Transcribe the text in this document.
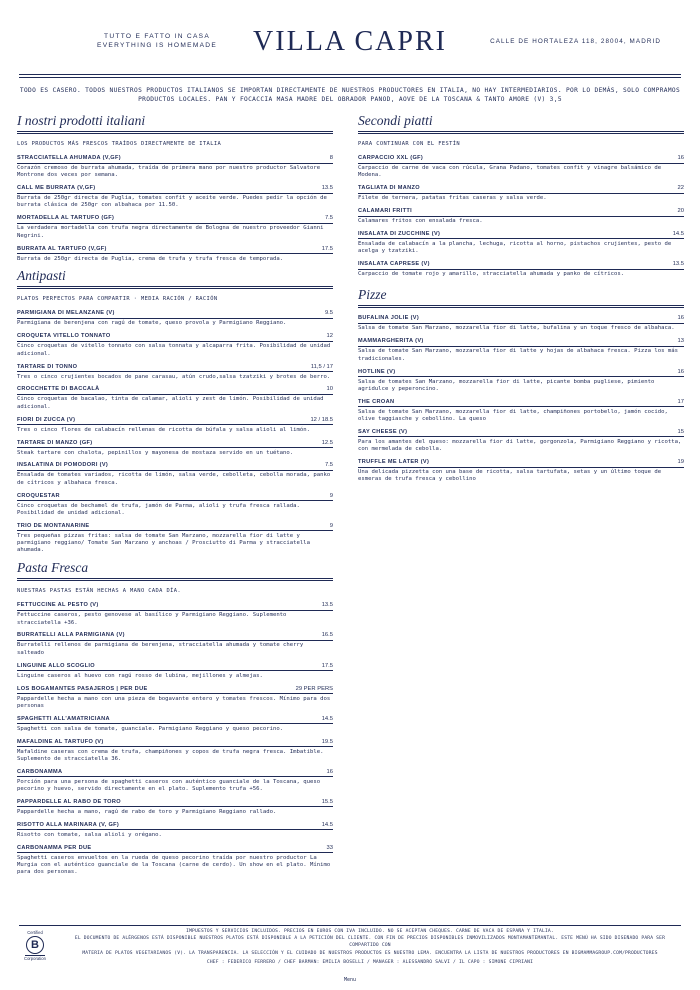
TUTTO E FATTO IN CASA
EVERYTHING IS HOMEMADE	VILLA CAPRI	CALLE DE HORTALEZA 118, 28004, MADRID
TODO ES CASERO. TODOS NUESTROS PRODUCTOS ITALIANOS SE IMPORTAN DIRECTAMENTE DE NUESTROS PRODUCTORES EN ITALIA, NO HAY INTERMEDIARIOS. POR LO DEMÁS, SOLO COMPRAMOS PRODUCTOS LOCALES. PAN Y FOCACCIA MASA MADRE DEL OBRADOR PANOD, AOVE DE LA TOSCANA & TANTO AMORE (V) 3,5
I nostri prodotti italiani
LOS PRODUCTOS MÁS FRESCOS TRAÍDOS DIRECTAMENTE DE ITALIA
STRACCIATELLA AHUMADA (V,GF)	8
Corazón cremoso de burrata ahumada, traída de primera mano por nuestro productor Salvatore Montrone dos veces por semana.
CALL ME BURRATA (V,GF)	13.5
Burrata de 250gr directa de Puglia, tomates confit y aceite verde. Puedes pedir la opción de burrata clásica de 250gr con albahaca por 11.50.
MORTADELLA AL TARTUFO (GF)	7.5
La verdadera mortadella con trufa negra directamente de Bologna de nuestro proveedor Gianni Negrini.
BURRATA AL TARTUFO (V,GF)	17.5
Burrata de 250gr directa de Puglia, crema de trufa y trufa fresca de temporada.
Antipasti
PLATOS PERFECTOS PARA COMPARTIR · MEDIA RACIÓN / RACIÓN
PARMIGIANA DI MELANZANE (V)	9.5
Parmigiana de berenjena con ragú de tomate, queso provola y Parmigiano Reggiano.
CROQUETA VITELLO TONNATO	12
Cinco croquetas de vitello tonnato con salsa tonnata y alcaparra frita. Posibilidad de unidad adicional.
TARTARE DI TONNO	11,5 / 17
Tres o cinco crujientes bocados de pane carasau, atún crudo,salsa tzatziki y brotes de berro.
CROCCHETTE DI BACCALÀ	10
Cinco croquetas de bacalao, tinta de calamar, alioli y zest de limón. Posibilidad de unidad adicional.
FIORI DI ZUCCA (V)	12 / 18.5
Tres o cinco flores de calabacín rellenas de ricotta de búfala y salsa alioli al limón.
TARTARE DI MANZO (GF)	12.5
Steak tartare con chalota, pepinillos y mayonesa de mostaza servido en un tuétano.
INSALATINA DI POMODORI (V)	7.5
Ensalada de tomates variados, ricotta de limón, salsa verde, cebolleta, cebolla morada, panko de cítricos y albahaca fresca.
CROQUESTAR	9
Cinco croquetas de bechamel de trufa, jamón de Parma, alioli y trufa fresca rallada. Posibilidad de unidad adicional.
TRIO DE MONTANARINE	9
Tres pequeñas pizzas fritas: salsa de tomate San Marzano, mozzarella fior di latte y parmigiano reggiano/ Tomate San Marzano y anchoas / Prosciutto di Parma y stracciatella ahumada.
Pasta Fresca
NUESTRAS PASTAS ESTÁN HECHAS A MANO CADA DÍA.
FETTUCCINE AL PESTO (V)	13.5
Fettuccine caseros, pesto genovese al basílico y Parmigiano Reggiano. Suplemento stracciatella +36.
BURRATELLI ALLA PARMIGIANA (V)	16.5
Burratelli rellenos de parmigiana de berenjena, stracciatella ahumada y tomate cherry salteado
LINGUINE ALLO SCOGLIO	17.5
Linguine caseros al huevo con ragú rosso de lubina, mejillones y almejas.
LOS BOGAMANTES PASAJEROS | PER DUE	29 PER PERS
Pappardelle hecha a mano con una pieza de bogavante entero y tomates frescos. Mínimo para dos personas
SPAGHETTI ALL'AMATRICIANA	14.5
Spaghetti con salsa de tomate, guanciale. Parmigiano Reggiano y queso pecorino.
MAFALDINE AL TARTUFO (V)	19.5
Mafaldine caseras con crema de trufa, champiñones y copos de trufa negra fresca. Imbatible. Suplemento de stracciatella 36.
CARBONAMMA	16
Porción para una persona de spaghetti caseros con auténtico guanciale de la Toscana, queso pecorino y huevo, servido directamente en el plato. Suplemento trufa +56.
PAPPARDELLE AL RABO DE TORO	15.5
Pappardelle hecha a mano, ragú de rabo de toro y Parmigiano Reggiano rallado.
RISOTTO ALLA MARINARA (V, GF)	14.5
Risotto con tomate, salsa alioli y orégano.
CARBONAMMA PER DUE	33
Spaghetti caseros envueltos en la rueda de queso pecorino traída por nuestro productor La Murgia con el auténtico guanciale de la Toscana (carne de cerdo). Un show en el plato. Mínimo para dos personas.
Secondi piatti
PARA CONTINUAR CON EL FESTÍN
CARPACCIO XXL (GF)	16
Carpaccio de carne de vaca con rúcula, Grana Padano, tomates confit y vinagre balsámico de Modena.
TAGLIATA DI MANZO	22
Filete de ternera, patatas fritas caseras y salsa verde.
CALAMARI FRITTI	20
Calamares fritos con ensalada fresca.
INSALATA DI ZUCCHINE (V)	14.5
Ensalada de calabacín a la plancha, lechuga, ricotta al horno, pistachos crujientes, pesto de acelga y tzatziki.
INSALATA CAPRESE (V)	13.5
Carpaccio de tomate rojo y amarillo, stracciatella ahumada y panko de cítricos.
Pizze
BUFALINA JOLIE (V)	16
Salsa de tomate San Marzano, mozzarella fior di latte, bufalina y un toque fresco de albahaca.
MAMMARGHERITA (V)	13
Salsa de tomate San Marzano, mozzarella fior di latte y hojas de albahaca fresca. Pizza los más tradicionales.
HOTLINE (V)	16
Salsa de tomates San Marzano, mozzarella fior di latte, picante bomba pugliese, pimiento agridulce y peperoncino.
THE CROAN	17
Salsa de tomate San Marzano, mozzarella fior di latte, champiñones portobello, jamón cocido, olive taggiasche y cebollino. La queso
SAY CHEESE (V)	15
Para los amantes del queso: mozzarella fior di latte, gorgonzola, Parmigiano Reggiano y ricotta, con mermelada de cebolla.
TRUFFLE ME LATER (V)	19
Una delicada pizzetta con una base de ricotta, salsa tartufata, setas y un último toque de esmeras de trufa fresca y cebollino
Certified
B
Corporation
IMPUESTOS Y SERVICIOS INCLUIDOS. PRECIOS EN EUROS CON IVA INCLUIDO. NO SE ACEPTAN CHEQUES. CARNE DE VACA DE ESPAÑA Y ITALIA.
EL DOCUMENTO DE ALÉRGENOS ESTÁ DISPONIBLE NUESTROS PLATOS ESTÁ DISPONIBLE A LA PETICIÓN DEL CLIENTE. CON FIN DE PRECIOS DISPONIBLES INMOVILIZADOS MONTAMANTEMANTAL. ESTE MENÚ HA SIDO DISEÑADO PARA SER COMPARTIDO CON
MATERIA DE PLATOS VEGETARIANOS (V). LA TRANSPARENCIA. LA SELECCIÓN Y EL CUIDADO DE NUESTROS PRODUCTOS ES NUESTRO LEMA. ENCUENTRA LA LISTA DE NUESTROS PRODUCTORES EN BIGMAMMAGROUP.COM/PRODUCTORES
CHEF : FEDERICO FERRERO / CHEF BARMAN: EMILIA BOSELLI / MANAGER : ALESSANDRO SALVI / IL CAPO : SIMONE CIPRIANI
Menu
